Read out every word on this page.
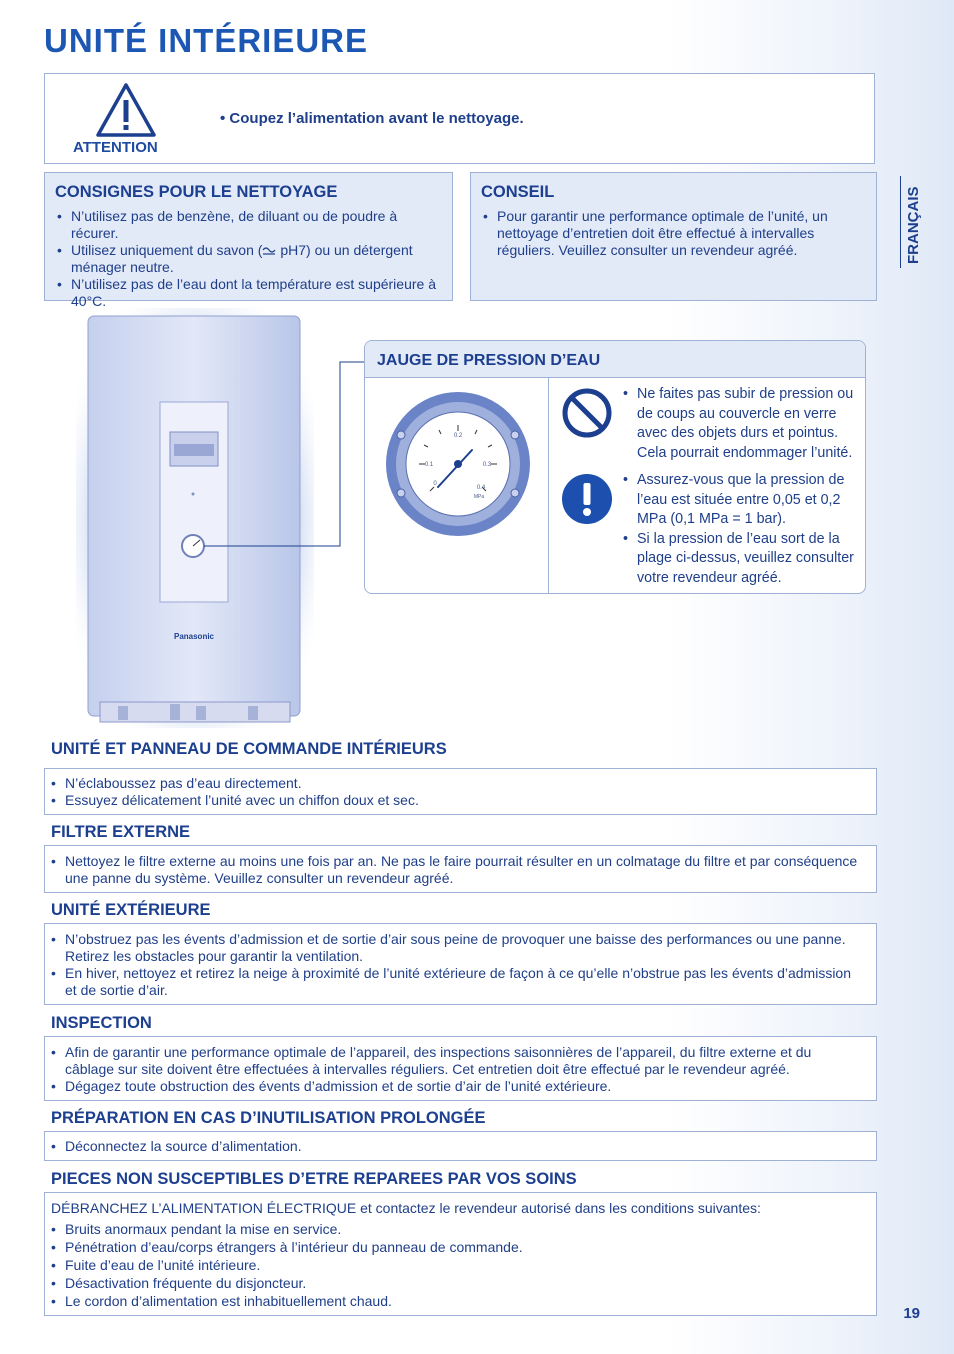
UNITÉ INTÉRIEURE
ATTENTION
• Coupez l’alimentation avant le nettoyage.
CONSIGNES POUR LE NETTOYAGE
• N’utilisez pas de benzène, de diluant ou de poudre à récurer.
• Utilisez uniquement du savon ( pH7) ou un détergent ménager neutre.
• N’utilisez pas de l’eau dont la température est supérieure à 40°C.
CONSEIL
• Pour garantir une performance optimale de l’unité, un nettoyage d’entretien doit être effectué à intervalles réguliers. Veuillez consulter un revendeur agréé.	FRANÇAIS
Panasonic
JAUGE DE PRESSION D’EAU
0
0.1
0.2
0.3
0.4
MPa
• Ne faites pas subir de pression ou de coups au couvercle en verre avec des objets durs et pointus. Cela pourrait endommager l’unité.
• Assurez-vous que la pression de l’eau est située entre 0,05 et 0,2 MPa (0,1 MPa = 1 bar).
• Si la pression de l’eau sort de la plage ci-dessus, veuillez consulter votre revendeur agréé.
UNITÉ ET PANNEAU DE COMMANDE INTÉRIEURS
• N’éclaboussez pas d’eau directement.
• Essuyez délicatement l’unité avec un chiffon doux et sec.
FILTRE EXTERNE
• Nettoyez le filtre externe au moins une fois par an. Ne pas le faire pourrait résulter en un colmatage du filtre et par conséquence une panne du système. Veuillez consulter un revendeur agréé.
UNITÉ EXTÉRIEURE
• N’obstruez pas les évents d’admission et de sortie d’air sous peine de provoquer une baisse des performances ou une panne. Retirez les obstacles pour garantir la ventilation.
• En hiver, nettoyez et retirez la neige à proximité de l’unité extérieure de façon à ce qu’elle n’obstrue pas les évents d’admission et de sortie d’air.
INSPECTION
• Afin de garantir une performance optimale de l’appareil, des inspections saisonnières de l’appareil, du filtre externe et du câblage sur site doivent être effectuées à intervalles réguliers. Cet entretien doit être effectué par le revendeur agréé.
• Dégagez toute obstruction des évents d’admission et de sortie d’air de l’unité extérieure.
PRÉPARATION EN CAS D’INUTILISATION PROLONGÉE
• Déconnectez la source d’alimentation.
PIECES NON SUSCEPTIBLES D’ETRE REPAREES PAR VOS SOINS
DÉBRANCHEZ L’ALIMENTATION ÉLECTRIQUE et contactez le revendeur autorisé dans les conditions suivantes:
• Bruits anormaux pendant la mise en service.
• Pénétration d’eau/corps étrangers à l’intérieur du panneau de commande.
• Fuite d’eau de l’unité intérieure.
• Désactivation fréquente du disjoncteur.
• Le cordon d’alimentation est inhabituellement chaud.
19
